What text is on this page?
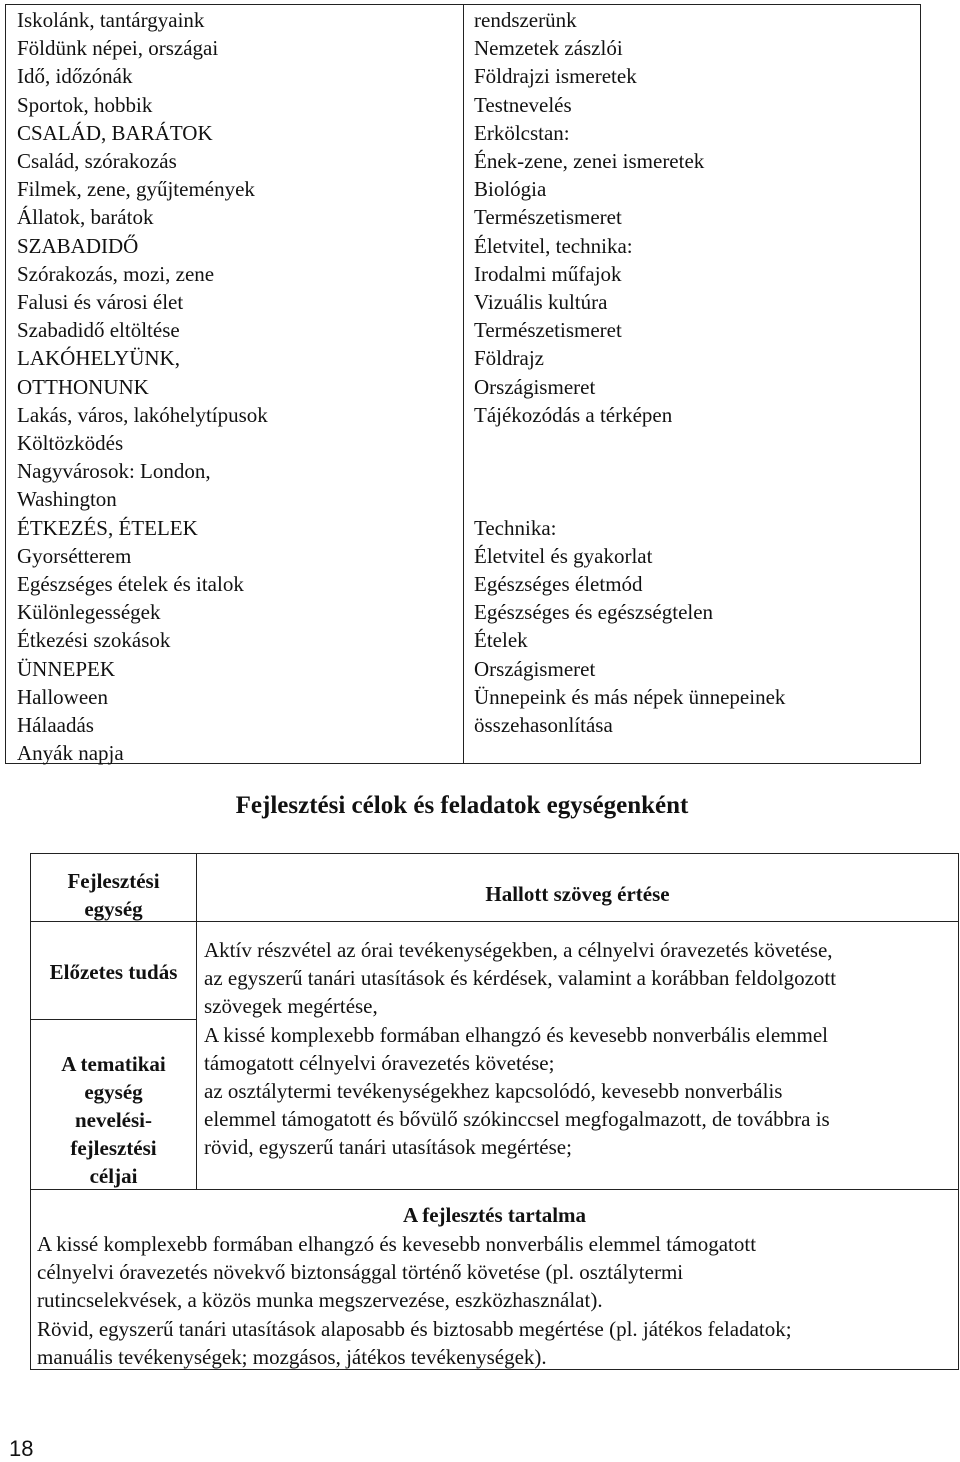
Iskolánk, tantárgyaink
Földünk népei, országai
Idő, időzónák
Sportok, hobbik
CSALÁD, BARÁTOK
Család, szórakozás
Filmek, zene, gyűjtemények
Állatok, barátok
SZABADIDŐ
Szórakozás, mozi, zene
Falusi és városi élet
Szabadidő eltöltése
LAKÓHELYÜNK,
OTTHONUNK
Lakás, város, lakóhelytípusok
Költözködés
Nagyvárosok: London,
Washington
ÉTKEZÉS, ÉTELEK
Gyorsétterem
Egészséges ételek és italok
Különlegességek
Étkezési szokások
ÜNNEPEK
Halloween
Hálaadás
Anyák napja
rendszerünk
Nemzetek zászlói
Földrajzi ismeretek
Testnevelés
Erkölcstan:
Ének-zene, zenei ismeretek
Biológia
Természetismeret
Életvitel, technika:
Irodalmi műfajok
Vizuális kultúra
Természetismeret
Földrajz
Országismeret
Tájékozódás a térképen
Technika:
Életvitel és gyakorlat
Egészséges életmód
Egészséges és egészségtelen
Ételek
Országismeret
Ünnepeink és más népek ünnepeinek
összehasonlítása
Fejlesztési célok és feladatok egységenként
Fejlesztési
egység
Előzetes tudás
A tematikai
egység
nevelési-
fejlesztési
céljai
Hallott szöveg értése
Aktív részvétel az órai tevékenységekben, a célnyelvi óravezetés követése,
az egyszerű tanári utasítások és kérdések, valamint a korábban feldolgozott
szövegek megértése,
A kissé komplexebb formában elhangzó és kevesebb nonverbális elemmel
támogatott célnyelvi óravezetés követése;
az osztálytermi tevékenységekhez kapcsolódó, kevesebb nonverbális
elemmel támogatott és bővülő szókinccsel megfogalmazott, de továbbra is
rövid, egyszerű tanári utasítások megértése;
A fejlesztés tartalma
A kissé komplexebb formában elhangzó és kevesebb nonverbális elemmel támogatott
célnyelvi óravezetés növekvő biztonsággal történő követése (pl. osztálytermi
rutincselekvések, a közös munka megszervezése, eszközhasználat).
Rövid, egyszerű tanári utasítások alaposabb és biztosabb megértése (pl. játékos feladatok;
manuális tevékenységek; mozgásos, játékos tevékenységek).
18
